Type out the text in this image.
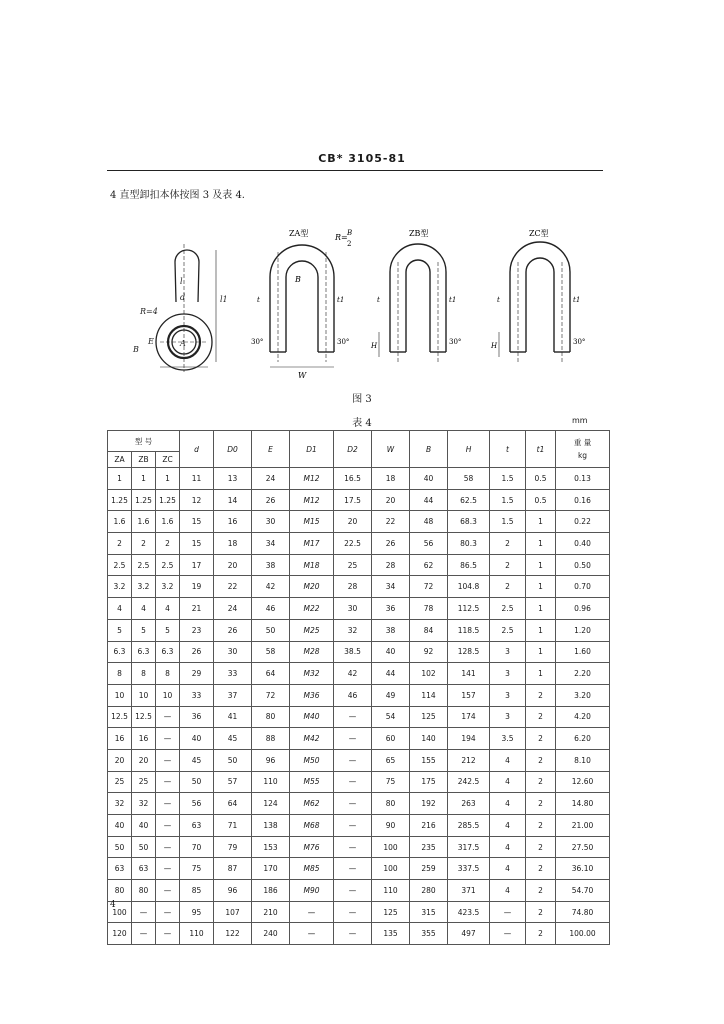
CB* 3105-81
4 直型卸扣本体按图 3 及表 4.
l
d	l1
R=4
B
E	A
ZA型	R= B
2
B
t	t1
30°	30°
W
ZB型
t	t1
H	30°
ZC型
t	t1
H	30°
图 3
表 4	mm
型 号			d	D0	E	D1	D2	W	B	H	t	t1	重 量
kg

ZA	ZB	ZC											
1	1	1	11	13	24	M12	16.5	18	40	58	1.5	0.5	0.13
1.25	1.25	1.25	12	14	26	M12	17.5	20	44	62.5	1.5	0.5	0.16
1.6	1.6	1.6	15	16	30	M15	20	22	48	68.3	1.5	1	0.22
2	2	2	15	18	34	M17	22.5	26	56	80.3	2	1	0.40
2.5	2.5	2.5	17	20	38	M18	25	28	62	86.5	2	1	0.50
3.2	3.2	3.2	19	22	42	M20	28	34	72	104.8	2	1	0.70
4	4	4	21	24	46	M22	30	36	78	112.5	2.5	1	0.96
5	5	5	23	26	50	M25	32	38	84	118.5	2.5	1	1.20
6.3	6.3	6.3	26	30	58	M28	38.5	40	92	128.5	3	1	1.60
8	8	8	29	33	64	M32	42	44	102	141	3	1	2.20
10	10	10	33	37	72	M36	46	49	114	157	3	2	3.20
12.5	12.5	—	36	41	80	M40	—	54	125	174	3	2	4.20
16	16	—	40	45	88	M42	—	60	140	194	3.5	2	6.20
20	20	—	45	50	96	M50	—	65	155	212	4	2	8.10
25	25	—	50	57	110	M55	—	75	175	242.5	4	2	12.60
32	32	—	56	64	124	M62	—	80	192	263	4	2	14.80
40	40	—	63	71	138	M68	—	90	216	285.5	4	2	21.00
50	50	—	70	79	153	M76	—	100	235	317.5	4	2	27.50
63	63	—	75	87	170	M85	—	100	259	337.5	4	2	36.10
80	80	—	85	96	186	M90	—	110	280	371	4	2	54.70
100	—	—	95	107	210	—	—	125	315	423.5	—	2	74.80
120	—	—	110	122	240	—	—	135	355	497	—	2	100.00
4
